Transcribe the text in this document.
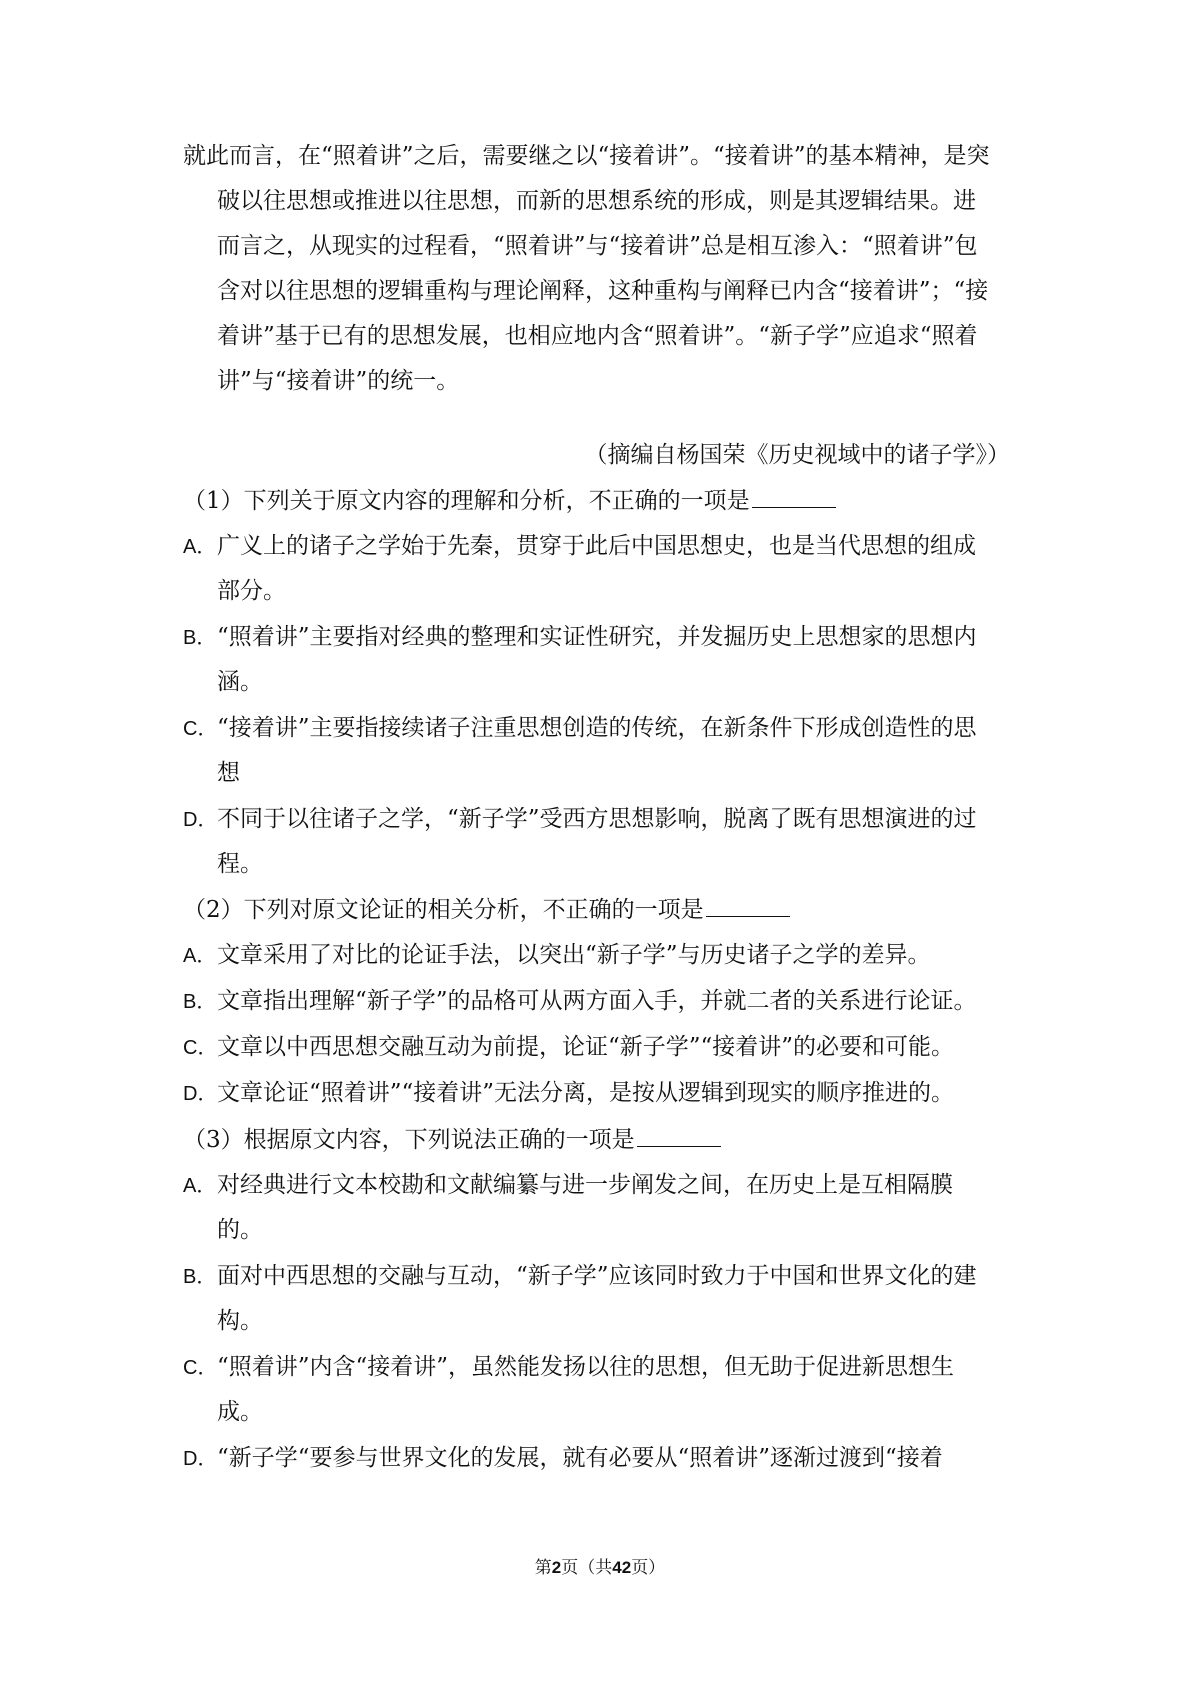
就此而言，在“照着讲”之后，需要继之以“接着讲”。“接着讲”的基本精神，是突
破以往思想或推进以往思想，而新的思想系统的形成，则是其逻辑结果。进
而言之，从现实的过程看，“照着讲”与“接着讲”总是相互渗入：“照着讲”包
含对以往思想的逻辑重构与理论阐释，这种重构与阐释已内含“接着讲”；“接
着讲”基于已有的思想发展，也相应地内含“照着讲”。“新子学”应追求“照着
讲”与“接着讲”的统一。
（摘编自杨国荣《历史视域中的诸子学》）
（1）下列关于原文内容的理解和分析，不正确的一项是
A．广义上的诸子之学始于先秦，贯穿于此后中国思想史，也是当代思想的组成
部分。
B．“照着讲”主要指对经典的整理和实证性研究，并发掘历史上思想家的思想内
涵。
C．“接着讲”主要指接续诸子注重思想创造的传统，在新条件下形成创造性的思
想
D．不同于以往诸子之学，“新子学”受西方思想影响，脱离了既有思想演进的过
程。
（2）下列对原文论证的相关分析，不正确的一项是
A．文章采用了对比的论证手法，以突出“新子学”与历史诸子之学的差异。
B．文章指出理解“新子学”的品格可从两方面入手，并就二者的关系进行论证。
C．文章以中西思想交融互动为前提，论证“新子学”“接着讲”的必要和可能。
D．文章论证“照着讲”“接着讲”无法分离，是按从逻辑到现实的顺序推进的。
（3）根据原文内容，下列说法正确的一项是
A．对经典进行文本校勘和文献编纂与进一步阐发之间，在历史上是互相隔膜
的。
B．面对中西思想的交融与互动，“新子学”应该同时致力于中国和世界文化的建
构。
C．“照着讲”内含“接着讲”，虽然能发扬以往的思想，但无助于促进新思想生
成。
D．“新子学“要参与世界文化的发展，就有必要从“照着讲”逐渐过渡到“接着
第2页（共42页）
